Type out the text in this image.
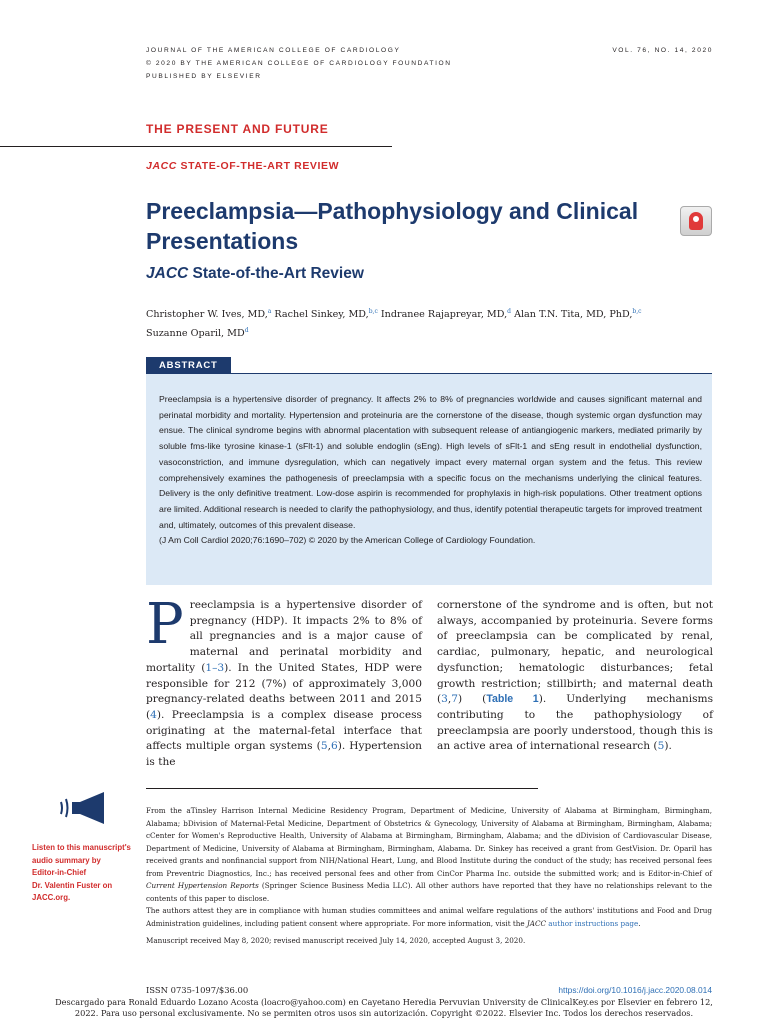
JOURNAL OF THE AMERICAN COLLEGE OF CARDIOLOGY
© 2020 BY THE AMERICAN COLLEGE OF CARDIOLOGY FOUNDATION
PUBLISHED BY ELSEVIER
VOL. 76, NO. 14, 2020
THE PRESENT AND FUTURE
JACC STATE-OF-THE-ART REVIEW
Preeclampsia—Pathophysiology and Clinical Presentations
JACC State-of-the-Art Review
Christopher W. Ives, MD,$^a$ Rachel Sinkey, MD,$^{b,c}$ Indranee Rajapreyar, MD,$^d$ Alan T.N. Tita, MD, PhD,$^{b,c}$
Suzanne Oparil, $MD^d$
ABSTRACT
Preeclampsia is a hypertensive disorder of pregnancy. It affects 2% to 8% of pregnancies worldwide and causes significant maternal and perinatal morbidity and mortality. Hypertension and proteinuria are the cornerstone of the disease, though systemic organ dysfunction may ensue. The clinical syndrome begins with abnormal placentation with subsequent release of antiangiogenic markers, mediated primarily by soluble fms-like tyrosine kinase-1 (sFlt-1) and soluble endoglin (sEng). High levels of sFlt-1 and sEng result in endothelial dysfunction, vasoconstriction, and immune dysregulation, which can negatively impact every maternal organ system and the fetus. This review comprehensively examines the pathogenesis of preeclampsia with a specific focus on the mechanisms underlying the clinical features. Delivery is the only definitive treatment. Low-dose aspirin is recommended for prophylaxis in high-risk populations. Other treatment options are limited. Additional research is needed to clarify the pathophysiology, and thus, identify potential therapeutic targets for improved treatment and, ultimately, outcomes of this prevalent disease.
(J Am Coll Cardiol 2020;76:1690–702) © 2020 by the American College of Cardiology Foundation.
Preeclampsia is a hypertensive disorder of pregnancy (HDP). It impacts 2% to 8% of all pregnancies and is a major cause of maternal and perinatal morbidity and mortality (1–3). In the United States, HDP were responsible for 212 (7%) of approximately 3,000 pregnancy-related deaths between 2011 and 2015 (4). Preeclampsia is a complex disease process originating at the maternal-fetal interface that affects multiple organ systems (5,6). Hypertension is the
cornerstone of the syndrome and is often, but not always, accompanied by proteinuria. Severe forms of preeclampsia can be complicated by renal, cardiac, pulmonary, hepatic, and neurological dysfunction; hematologic disturbances; fetal growth restriction; stillbirth; and maternal death (3,7) (Table 1). Underlying mechanisms contributing to the pathophysiology of preeclampsia are poorly understood, though this is an active area of international research (5).
Listen to this manuscript's
audio summary by
Editor-in-Chief
Dr. Valentin Fuster on
JACC.org.

From the aTinsley Harrison Internal Medicine Residency Program, Department of Medicine, University of Alabama at Birmingham, Birmingham, Alabama; bDivision of Maternal-Fetal Medicine, Department of Obstetrics & Gynecology, University of Alabama at Birmingham, Birmingham, Alabama; cCenter for Women's Reproductive Health, University of Alabama at Birmingham, Birmingham, Alabama; and the dDivision of Cardiovascular Disease, Department of Medicine, University of Alabama at Birmingham, Birmingham, Alabama. Dr. Sinkey has received a grant from GestVision. Dr. Oparil has received grants and nonfinancial support from NIH/National Heart, Lung, and Blood Institute during the conduct of the study; has received personal fees from Preventric Diagnostics, Inc.; has received personal fees and other from CinCor Pharma Inc. outside the submitted work; and is Editor-in-Chief of Current Hypertension Reports (Springer Science Business Media LLC). All other authors have reported that they have no relationships relevant to the contents of this paper to disclose.

The authors attest they are in compliance with human studies committees and animal welfare regulations of the authors' institutions and Food and Drug Administration guidelines, including patient consent where appropriate. For more information, visit the JACC author instructions page.

Manuscript received May 8, 2020; revised manuscript received July 14, 2020, accepted August 3, 2020.

ISSN 0735-1097/$36.00	https://doi.org/10.1016/j.jacc.2020.08.014
Descargado para Ronald Eduardo Lozano Acosta (loacro@yahoo.com) en Cayetano Heredia Pervuvian University de ClinicalKey.es por Elsevier en febrero 12,
2022. Para uso personal exclusivamente. No se permiten otros usos sin autorización. Copyright ©2022. Elsevier Inc. Todos los derechos reservados.
